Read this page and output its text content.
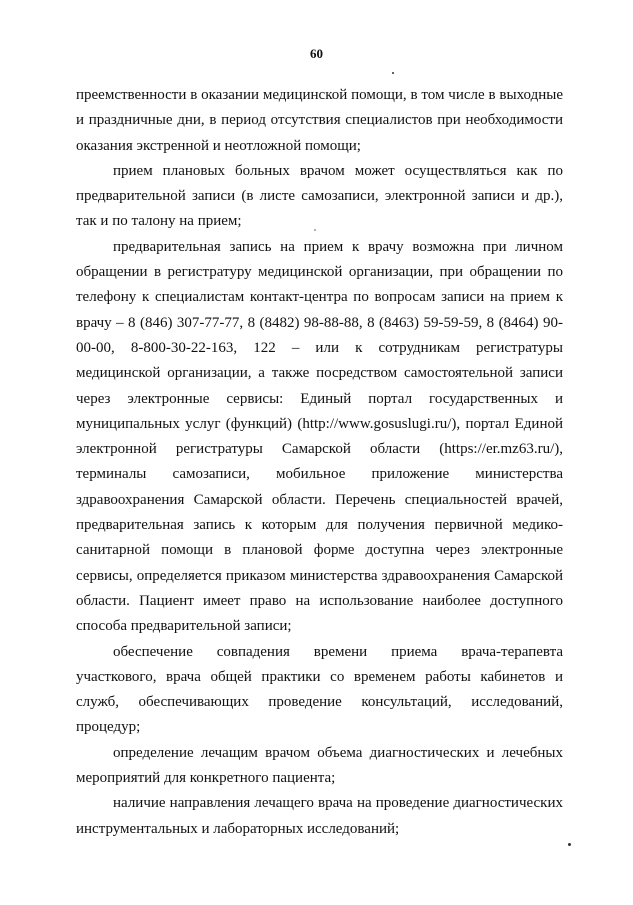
60

преемственности в оказании медицинской помощи, в том числе в выходные и праздничные дни, в период отсутствия специалистов при необходимости оказания экстренной и неотложной помощи;

прием плановых больных врачом может осуществляться как по предварительной записи (в листе самозаписи, электронной записи и др.), так и по талону на прием;

предварительная запись на прием к врачу возможна при личном обращении в регистратуру медицинской организации, при обращении по телефону к специалистам контакт-центра по вопросам записи на прием к врачу – 8 (846) 307-77-77, 8 (8482) 98-88-88, 8 (8463) 59-59-59, 8 (8464) 90-00-00, 8-800-30-22-163, 122 – или к сотрудникам регистратуры медицинской организации, а также посредством самостоятельной записи через электронные сервисы: Единый портал государственных и муниципальных услуг (функций) (http://www.gosuslugi.ru/), портал Единой электронной регистратуры Самарской области (https://er.mz63.ru/), терминалы самозаписи, мобильное приложение министерства здравоохранения Самарской области. Перечень специальностей врачей, предварительная запись к которым для получения первичной медико-санитарной помощи в плановой форме доступна через электронные сервисы, определяется приказом министерства здравоохранения Самарской области. Пациент имеет право на использование наиболее доступного способа предварительной записи;

обеспечение совпадения времени приема врача-терапевта участкового, врача общей практики со временем работы кабинетов и служб, обеспечивающих проведение консультаций, исследований, процедур;

определение лечащим врачом объема диагностических и лечебных мероприятий для конкретного пациента;

наличие направления лечащего врача на проведение диагностических инструментальных и лабораторных исследований;
